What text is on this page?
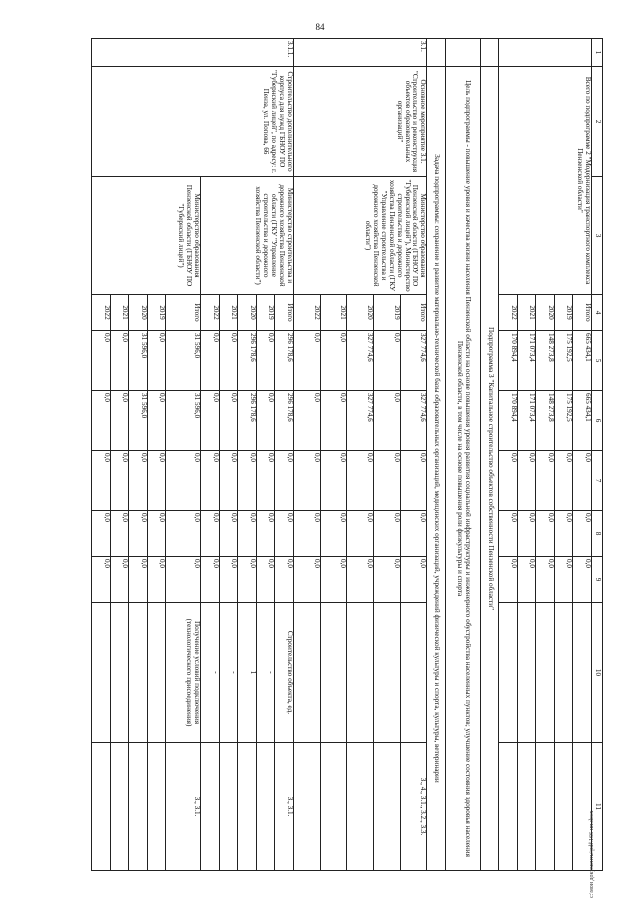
84
1	2	3	4	5	6	7	8	9	10	11
	Всего по подпрограмме 2 "Модернизация транспортного комплекса Пензенской области"		Итого	665 434,1	665 434,1	0,0	0,0	0,0		
			2019	175 192,5	175 192,5	0,0	0,0	0,0		
			2020	148 273,8	148 273,8	0,0	0,0	0,0		
			2021	171 073,4	171 073,4	0,0	0,0	0,0		
			2022	170 894,4	170 894,4	0,0	0,0	0,0		
	Подпрограмма 3 "Капитальное строительство объектов собственности Пензенской области"									
	Цель подпрограммы - повышение уровня и качества жизни населения Пензенской области на основе повышения уровня развития социальной инфраструктуры и инженерного обустройства населенных пунктов; улучшение состояния здоровья населения Пензенской области, в том числе на основе повышения роли физкультуры и спорта									
	Задача подпрограммы: сохранение и развитие материально-технической базы образовательных организаций, медицинских организаций, учреждений физической культуры и спорта, культуры, ветеринарии									
3.1.	Основное мероприятие 3.1. "Строительство и реконструкция объектов образовательных организаций"	Министерство образования Пензенской области (ГБНОУ ПО "Губернский лицей"), Министерство строительства и дорожного хозяйства Пензенской области (ГКУ "Управление строительства и дорожного хозяйства Пензенской области")	Итого	327 774,6	327 774,6	0,0	0,0	0,0		3., 4., 3.1., 3.2., 3.3.
			2019	0,0	0,0	0,0	0,0	0,0		
			2020	327 774,6	327 774,6	0,0	0,0	0,0		
			2021	0,0	0,0	0,0	0,0	0,0		
			2022	0,0	0,0	0,0	0,0	0,0		
3.1.1.	Строительство дополнительного корпуса для нужд ГБНОУ ПО "Губернский лицей", по адресу: г. Пенза, ул. Попова, 66	Министерство строительства и дорожного хозяйства Пензенской области (ГКУ "Управление строительства и дорожного хозяйства Пензенской области")	Итого	296 178,6	296 178,6	0,0	0,0	0,0	Строительство объекта, ед.	3., 3.1.
			2019	0,0	0,0	0,0	0,0	0,0	-	
			2020	296 178,6	296 178,6	0,0	0,0	0,0	1	
			2021	0,0	0,0	0,0	0,0	0,0	-	
			2022	0,0	0,0	0,0	0,0	0,0	-	
		Министерство образования Пензенской области (ГБНОУ ПО "Губернский лицей")	Итого	31 596,0	31 596,0	0,0	0,0	0,0	Получение условий подключения (технологического присоединения)	3., 3.1.
			2019	0,0	0,0	0,0	0,0	0,0		
			2020	31 596,0	31 596,0	0,0	0,0	0,0		
			2021	0,0	0,0	0,0	0,0	0,0		
			2022	0,0	0,0	0,0	0,0	0,0		
c:\мои документы\pdf\166-ип.docx
